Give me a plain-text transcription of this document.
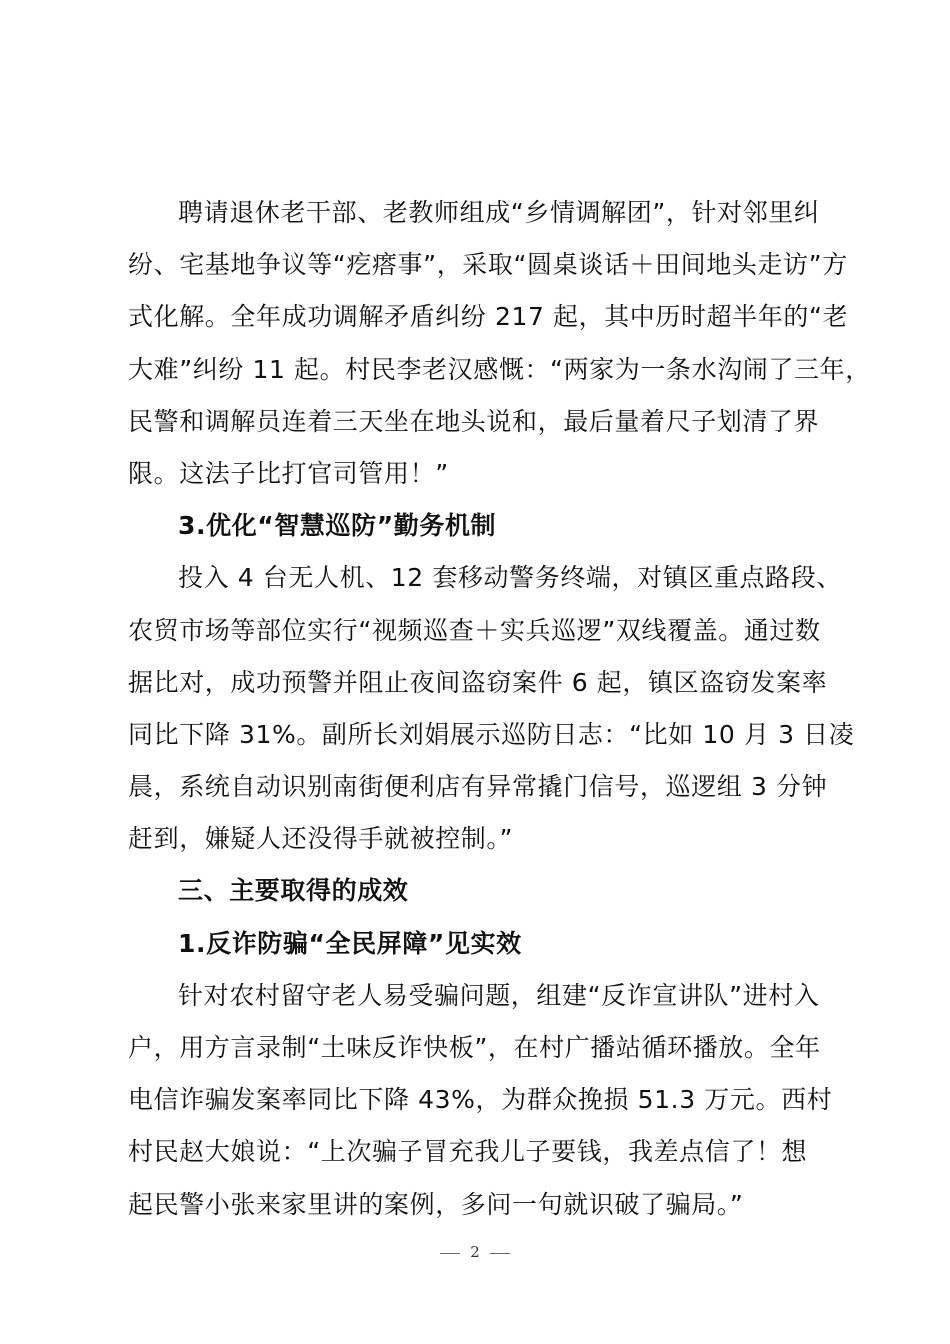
聘请退休老干部、老教师组成“乡情调解团”，针对邻里纠
纷、宅基地争议等“疙瘩事”，采取“圆桌谈话＋田间地头走访”方
式化解。全年成功调解矛盾纠纷 217 起，其中历时超半年的“老
大难”纠纷 11 起。村民李老汉感慨：“两家为一条水沟闹了三年，
民警和调解员连着三天坐在地头说和，最后量着尺子划清了界
限。这法子比打官司管用！”
3.优化“智慧巡防”勤务机制
投入 4 台无人机、12 套移动警务终端，对镇区重点路段、
农贸市场等部位实行“视频巡查＋实兵巡逻”双线覆盖。通过数
据比对，成功预警并阻止夜间盗窃案件 6 起，镇区盗窃发案率
同比下降 31%。副所长刘娟展示巡防日志：“比如 10 月 3 日凌
晨，系统自动识别南街便利店有异常撬门信号，巡逻组 3 分钟
赶到，嫌疑人还没得手就被控制。”
三、主要取得的成效
1.反诈防骗“全民屏障”见实效
针对农村留守老人易受骗问题，组建“反诈宣讲队”进村入
户，用方言录制“土味反诈快板”，在村广播站循环播放。全年
电信诈骗发案率同比下降 43%，为群众挽损 51.3 万元。西村
村民赵大娘说：“上次骗子冒充我儿子要钱，我差点信了！想
起民警小张来家里讲的案例，多问一句就识破了骗局。”
2
